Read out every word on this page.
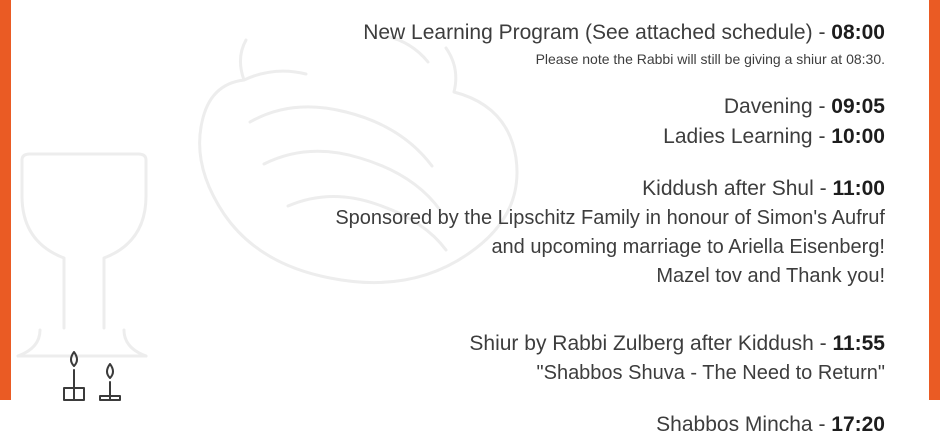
New Learning Program (See attached schedule) - 08:00
Please note the Rabbi will still be giving a shiur at 08:30.
Davening - 09:05
Ladies Learning - 10:00
Kiddush after Shul - 11:00
Sponsored by the Lipschitz Family in honour of Simon's Aufruf
and upcoming marriage to Ariella Eisenberg!
Mazel tov and Thank you!
Shiur by Rabbi Zulberg after Kiddush - 11:55
"Shabbos Shuva - The Need to Return"
Shabbos Mincha - 17:20
